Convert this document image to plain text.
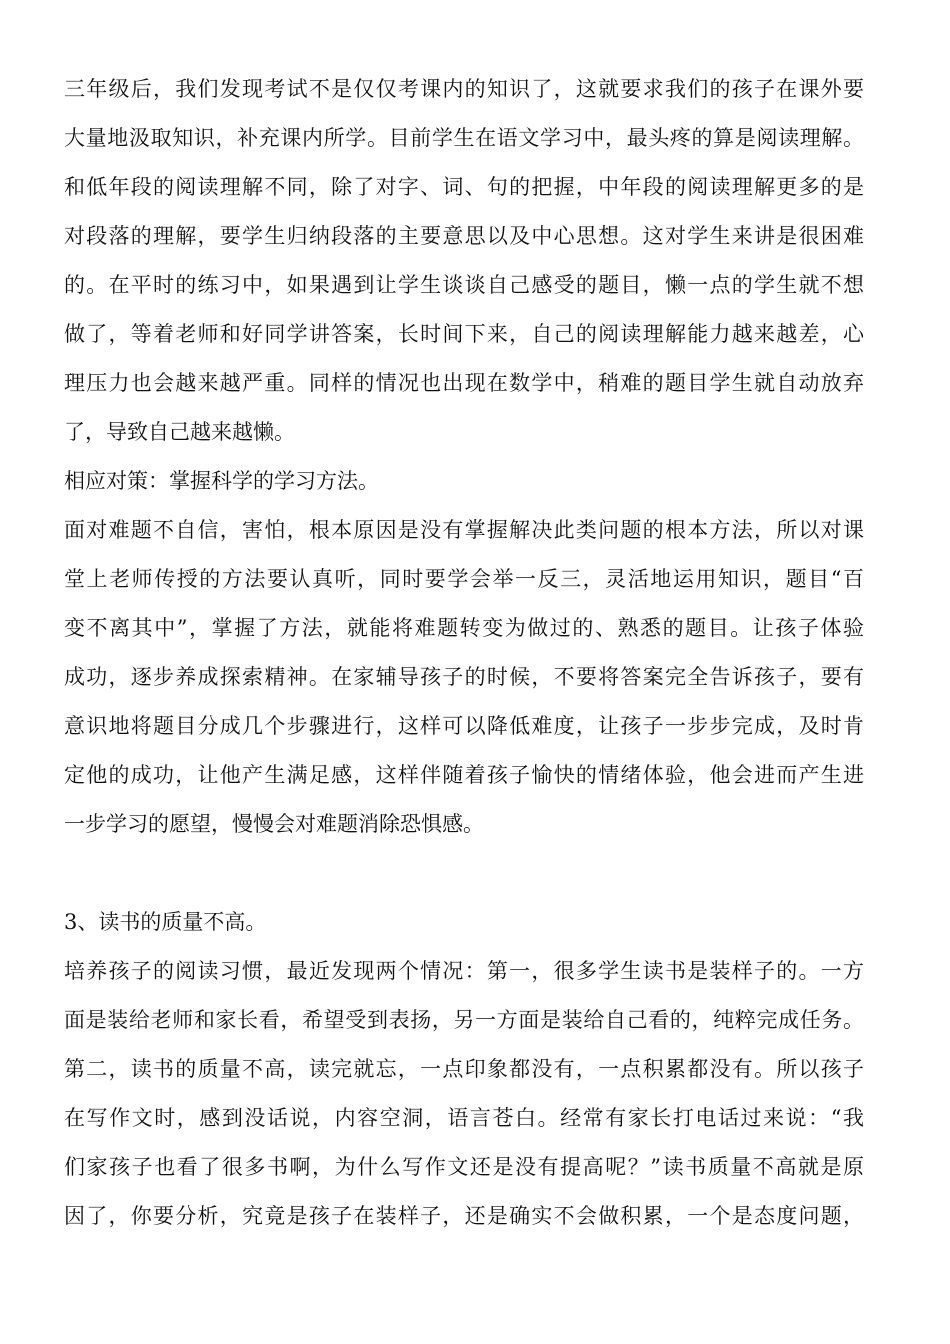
三年级后，我们发现考试不是仅仅考课内的知识了，这就要求我们的孩子在课外要
大量地汲取知识，补充课内所学。目前学生在语文学习中，最头疼的算是阅读理解。
和低年段的阅读理解不同，除了对字、词、句的把握，中年段的阅读理解更多的是
对段落的理解，要学生归纳段落的主要意思以及中心思想。这对学生来讲是很困难
的。在平时的练习中，如果遇到让学生谈谈自己感受的题目，懒一点的学生就不想
做了，等着老师和好同学讲答案，长时间下来，自己的阅读理解能力越来越差，心
理压力也会越来越严重。同样的情况也出现在数学中，稍难的题目学生就自动放弃
了，导致自己越来越懒。
相应对策：掌握科学的学习方法。
面对难题不自信，害怕，根本原因是没有掌握解决此类问题的根本方法，所以对课
堂上老师传授的方法要认真听，同时要学会举一反三，灵活地运用知识，题目“百
变不离其中”，掌握了方法，就能将难题转变为做过的、熟悉的题目。让孩子体验
成功，逐步养成探索精神。在家辅导孩子的时候，不要将答案完全告诉孩子，要有
意识地将题目分成几个步骤进行，这样可以降低难度，让孩子一步步完成，及时肯
定他的成功，让他产生满足感，这样伴随着孩子愉快的情绪体验，他会进而产生进
一步学习的愿望，慢慢会对难题消除恐惧感。
3、读书的质量不高。
培养孩子的阅读习惯，最近发现两个情况：第一，很多学生读书是装样子的。一方
面是装给老师和家长看，希望受到表扬，另一方面是装给自己看的，纯粹完成任务。
第二，读书的质量不高，读完就忘，一点印象都没有，一点积累都没有。所以孩子
在写作文时，感到没话说，内容空洞，语言苍白。经常有家长打电话过来说：“我
们家孩子也看了很多书啊，为什么写作文还是没有提高呢？”读书质量不高就是原
因了，你要分析，究竟是孩子在装样子，还是确实不会做积累，一个是态度问题，
